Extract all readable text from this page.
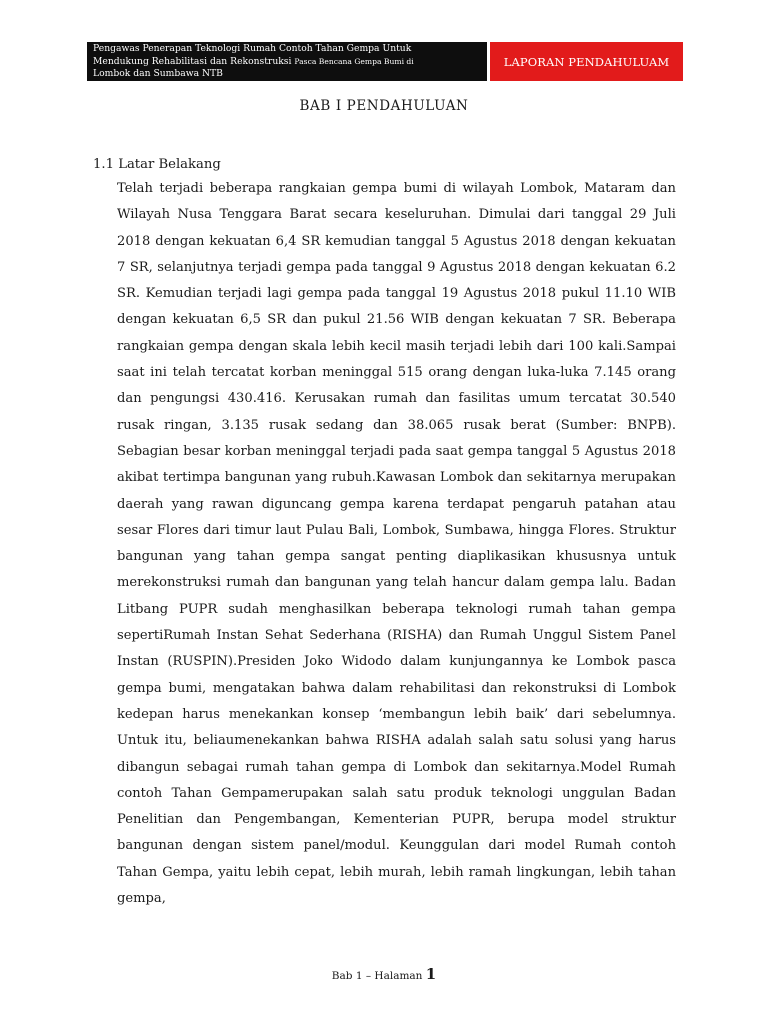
Pengawas Penerapan Teknologi Rumah Contoh Tahan Gempa Untuk
Mendukung Rehabilitasi dan Rekonstruksi Pasca Bencana Gempa Bumi di
Lombok dan Sumbawa NTB
LAPORAN PENDAHULUAM
BAB I PENDAHULUAN
1.1 Latar Belakang

Telah terjadi beberapa rangkaian gempa bumi di wilayah Lombok, Mataram dan Wilayah Nusa Tenggara Barat secara keseluruhan. Dimulai dari tanggal 29 Juli 2018 dengan kekuatan 6,4 SR kemudian tanggal 5 Agustus 2018 dengan kekuatan 7 SR, selanjutnya terjadi gempa pada tanggal 9 Agustus 2018 dengan kekuatan 6.2 SR. Kemudian terjadi lagi gempa pada tanggal 19 Agustus 2018 pukul 11.10 WIB dengan kekuatan 6,5 SR dan pukul 21.56 WIB dengan kekuatan 7 SR. Beberapa rangkaian gempa dengan skala lebih kecil masih terjadi lebih dari 100 kali.Sampai saat ini telah tercatat korban meninggal 515 orang dengan luka-luka 7.145 orang dan pengungsi 430.416. Kerusakan rumah dan fasilitas umum tercatat 30.540 rusak ringan, 3.135 rusak sedang dan 38.065 rusak berat (Sumber: BNPB). Sebagian besar korban meninggal terjadi pada saat gempa tanggal 5 Agustus 2018 akibat tertimpa bangunan yang rubuh.Kawasan Lombok dan sekitarnya merupakan daerah yang rawan diguncang gempa karena terdapat pengaruh patahan atau sesar Flores dari timur laut Pulau Bali, Lombok, Sumbawa, hingga Flores. Struktur bangunan yang tahan gempa sangat penting diaplikasikan khususnya untuk merekonstruksi rumah dan bangunan yang telah hancur dalam gempa lalu. Badan Litbang PUPR sudah menghasilkan beberapa teknologi rumah tahan gempa sepertiRumah Instan Sehat Sederhana (RISHA) dan Rumah Unggul Sistem Panel Instan (RUSPIN).Presiden Joko Widodo dalam kunjungannya ke Lombok pasca gempa bumi, mengatakan bahwa dalam rehabilitasi dan rekonstruksi di Lombok kedepan harus menekankan konsep ‘membangun lebih baik’ dari sebelumnya. Untuk itu, beliaumenekankan bahwa RISHA adalah salah satu solusi yang harus dibangun sebagai rumah tahan gempa di Lombok dan sekitarnya.Model Rumah contoh Tahan Gempamerupakan salah satu produk teknologi unggulan Badan Penelitian dan Pengembangan, Kementerian PUPR, berupa model struktur bangunan dengan sistem panel/modul. Keunggulan dari model Rumah contoh Tahan Gempa, yaitu lebih cepat, lebih murah, lebih ramah lingkungan, lebih tahan gempa,

Bab 1 – Halaman 1
